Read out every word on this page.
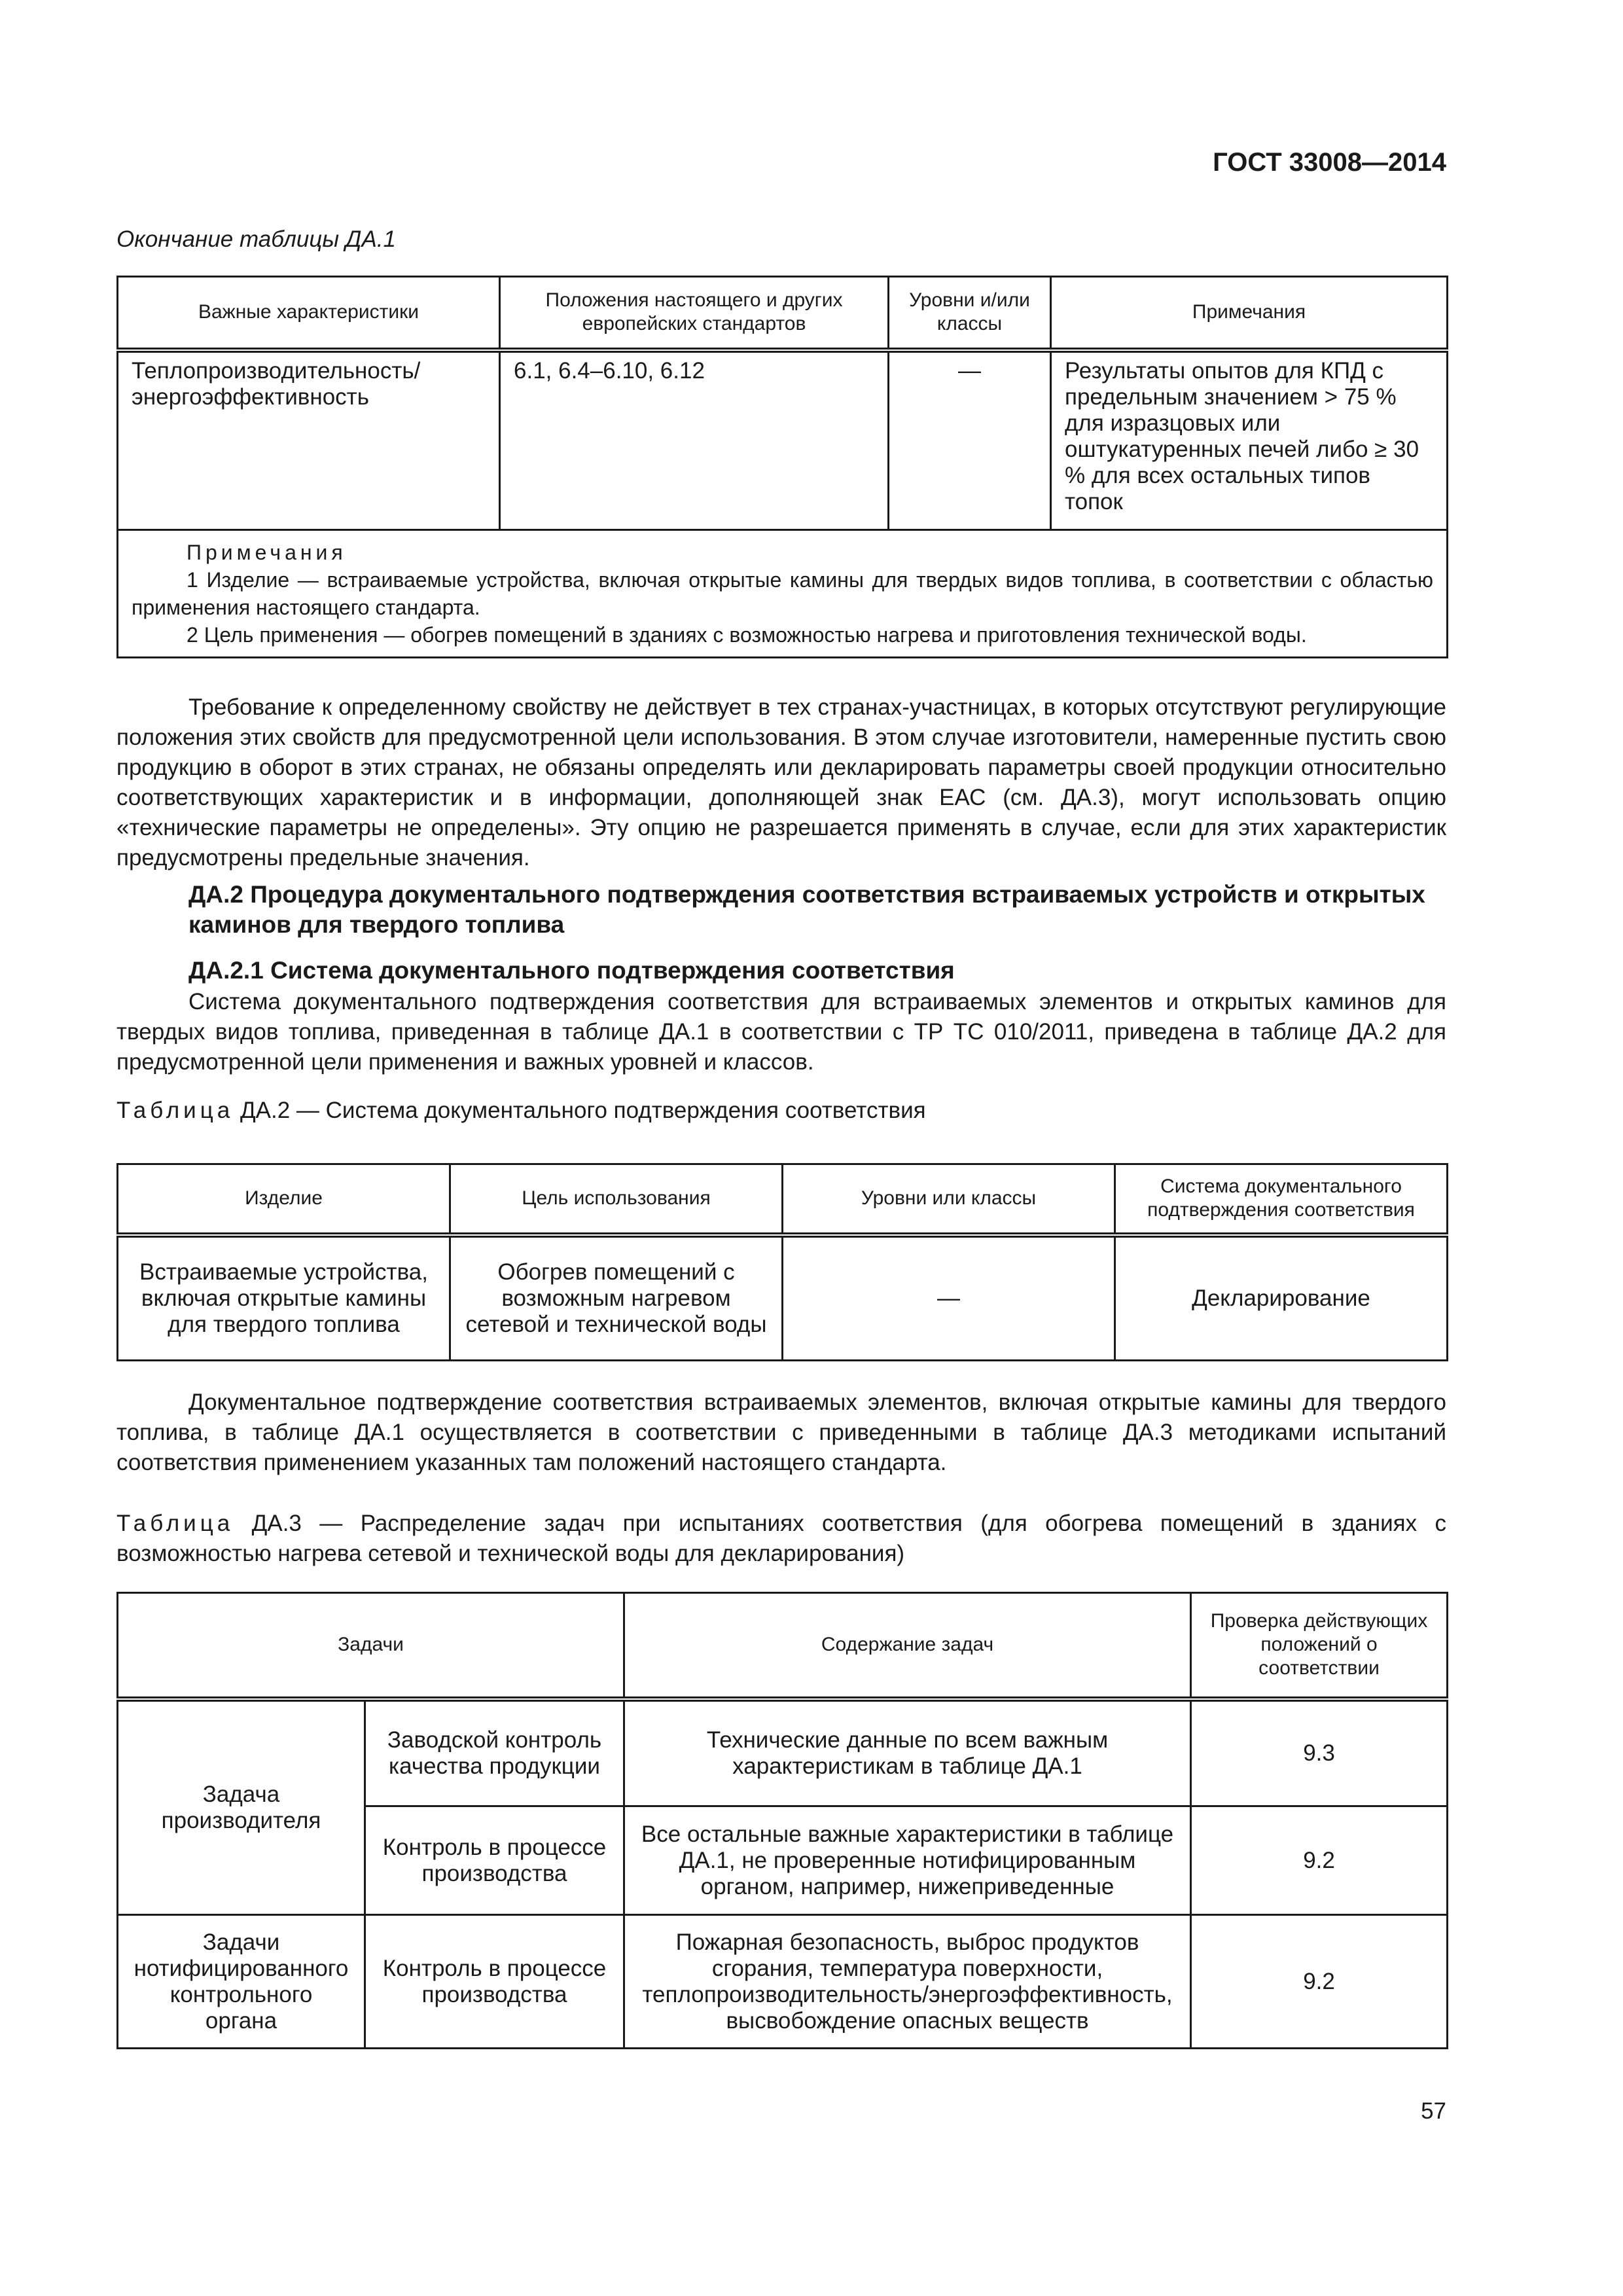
ГОСТ 33008—2014
Окончание таблицы ДА.1
Важные характеристики	Положения настоящего и других европейских стандартов	Уровни и/или классы	Примечания
Теплопроизводительность/ энергоэффективность	6.1, 6.4–6.10, 6.12	—	Результаты опытов для КПД с предельным значением > 75 % для изразцовых или оштукатуренных печей либо ≥ 30 % для всех остальных типов топок

Примечания
1 Изделие — встраиваемые устройства, включая открытые камины для твердых видов топлива, в соответствии с областью применения настоящего стандарта.
2 Цель применения — обогрев помещений в зданиях с возможностью нагрева и приготовления технической воды.			

Требование к определенному свойству не действует в тех странах-участницах, в которых отсутствуют регулирующие положения этих свойств для предусмотренной цели использования. В этом случае изготовители, намеренные пустить свою продукцию в оборот в этих странах, не обязаны определять или декларировать параметры своей продукции относительно соответствующих характеристик и в информации, дополняющей знак ЕАС (см. ДА.3), могут использовать опцию «технические параметры не определены». Эту опцию не разрешается применять в случае, если для этих характеристик предусмотрены предельные значения.

ДА.2 Процедура документального подтверждения соответствия встраиваемых устройств и открытых каминов для твердого топлива
ДА.2.1 Система документального подтверждения соответствия

Система документального подтверждения соответствия для встраиваемых элементов и открытых каминов для твердых видов топлива, приведенная в таблице ДА.1 в соответствии с ТР ТС 010/2011, приведена в таблице ДА.2 для предусмотренной цели применения и важных уровней и классов.

Таблица ДА.2 — Система документального подтверждения соответствия
Изделие	Цель использования	Уровни или классы	Система документального подтверждения соответствия
Встраиваемые устройства, включая открытые камины для твердого топлива	Обогрев помещений с возможным нагревом сетевой и технической воды	—	Декларирование

Документальное подтверждение соответствия встраиваемых элементов, включая открытые камины для твердого топлива, в таблице ДА.1 осуществляется в соответствии с приведенными в таблице ДА.3 методиками испытаний соответствия применением указанных там положений настоящего стандарта.

Таблица ДА.3 — Распределение задач при испытаниях соответствия (для обогрева помещений в зданиях с возможностью нагрева сетевой и технической воды для декларирования)
Задачи		Содержание задач	Проверка действующих положений о соответствии
Задача производителя	Заводской контроль качества продукции	Технические данные по всем важным характеристикам в таблице ДА.1	9.3
	Контроль в процессе производства	Все остальные важные характеристики в таблице ДА.1, не проверенные нотифицированным органом, например, нижеприведенные	9.2
Задачи нотифицированного контрольного органа	Контроль в процессе производства	Пожарная безопасность, выброс продуктов сгорания, температура поверхности, теплопроизводительность/энергоэффективность, высвобождение опасных веществ	9.2
57
